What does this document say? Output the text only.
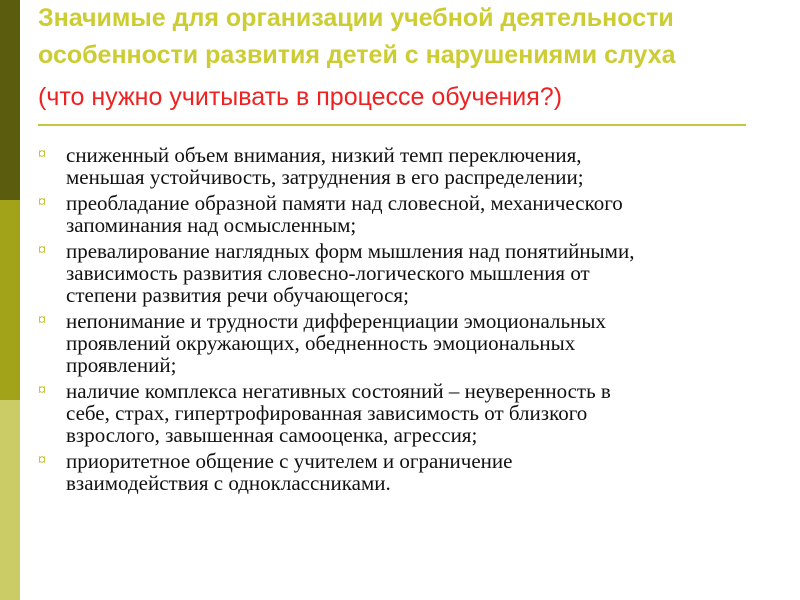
Значимые для организации учебной деятельности
особенности развития детей с нарушениями слуха

(что нужно учитывать в процессе обучения?)

¤ сниженный объем внимания, низкий темп переключения,
меньшая устойчивость, затруднения в его распределении;
¤ преобладание образной памяти над словесной, механического
запоминания над осмысленным;
¤ превалирование наглядных форм мышления над понятийными,
зависимость развития словесно-логического мышления от
степени развития речи обучающегося;
¤ непонимание и трудности дифференциации эмоциональных
проявлений окружающих, обедненность эмоциональных
проявлений;
¤ наличие комплекса негативных состояний – неуверенность в
себе, страх, гипертрофированная зависимость от близкого
взрослого, завышенная самооценка, агрессия;
¤ приоритетное общение с учителем и ограничение
взаимодействия с одноклассниками.
